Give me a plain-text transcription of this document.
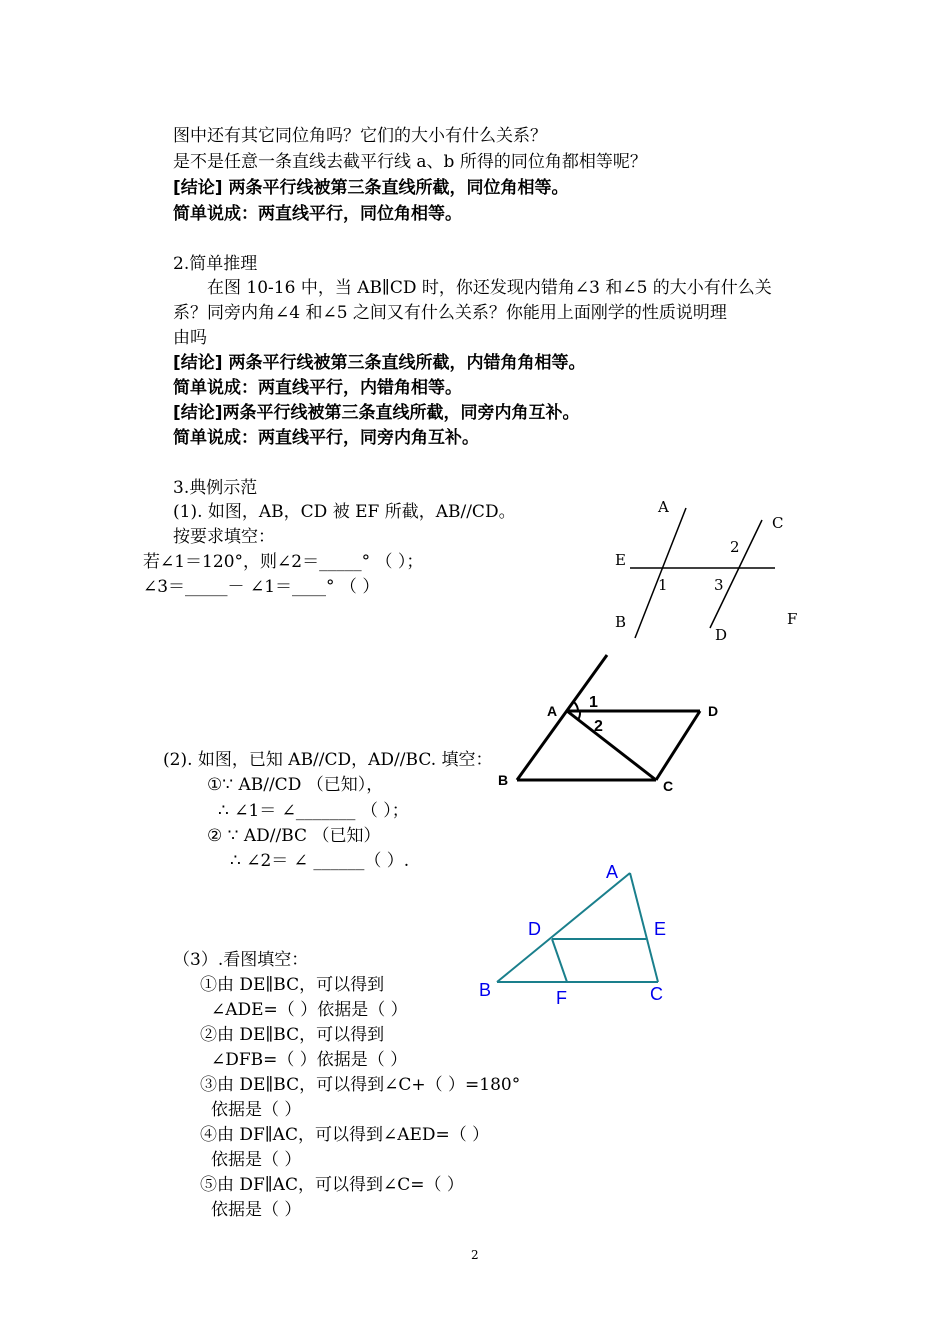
图中还有其它同位角吗？它们的大小有什么关系？
是不是任意一条直线去截平行线 a、b 所得的同位角都相等呢？
[结论] 两条平行线被第三条直线所截，同位角相等。
简单说成：两直线平行，同位角相等。
2.简单推理
在图 10-16 中，当 AB∥CD 时，你还发现内错角∠3 和∠5 的大小有什么关
系？同旁内角∠4 和∠5 之间又有什么关系？你能用上面刚学的性质说明理
由吗
[结论] 两条平行线被第三条直线所截，内错角角相等。
简单说成：两直线平行，内错角相等。
[结论]两条平行线被第三条直线所截，同旁内角互补。
简单说成：两直线平行，同旁内角互补。
3.典例示范
(1). 如图，AB，CD 被 EF 所截，AB//CD。
按要求填空：
若∠1＝120°，则∠2＝_____° （ ）；
∠3＝_____－ ∠1＝____° （ ）
A
C
E
2
1	3
B	F
D
A 1
2
D
B	C
(2). 如图，已知 AB//CD，AD//BC. 填空：
①∵ AB//CD （已知），
∴ ∠1＝ ∠_______ （ ）；
② ∵ AD//BC （已知）
∴ ∠2＝ ∠ ______（ ）.
A
D	E
B	F	C
（3）.看图填空：
①由 DE∥BC，可以得到
∠ADE=（ ）依据是（ ）
②由 DE∥BC，可以得到
∠DFB=（ ）依据是（ ）
③由 DE∥BC，可以得到∠C+（ ）=180°
依据是（ ）
④由 DF∥AC，可以得到∠AED=（ ）
依据是（ ）
⑤由 DF∥AC，可以得到∠C=（ ）
依据是（ ）
2
